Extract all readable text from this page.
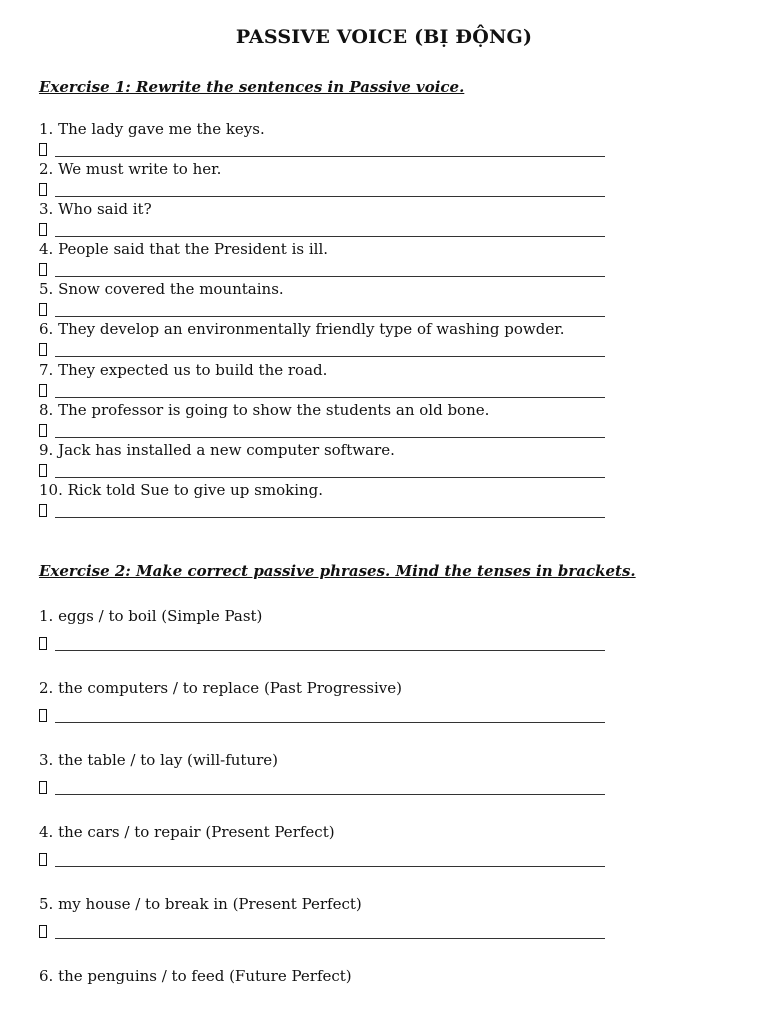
PASSIVE VOICE (BỊ ĐỘNG)
Exercise 1: Rewrite the sentences in Passive voice.
1. The lady gave me the keys.
2. We must write to her.
3. Who said it?
4. People said that the President is ill.
5. Snow covered the mountains.
6. They develop an environmentally friendly type of washing powder.
7. They expected us to build the road.
8. The professor is going to show the students an old bone.
9. Jack has installed a new computer software.
10. Rick told Sue to give up smoking.
Exercise 2: Make correct passive phrases. Mind the tenses in brackets.
1. eggs / to boil (Simple Past)
2. the computers / to replace (Past Progressive)
3. the table / to lay (will-future)
4. the cars / to repair (Present Perfect)
5. my house / to break in (Present Perfect)
6. the penguins / to feed (Future Perfect)
